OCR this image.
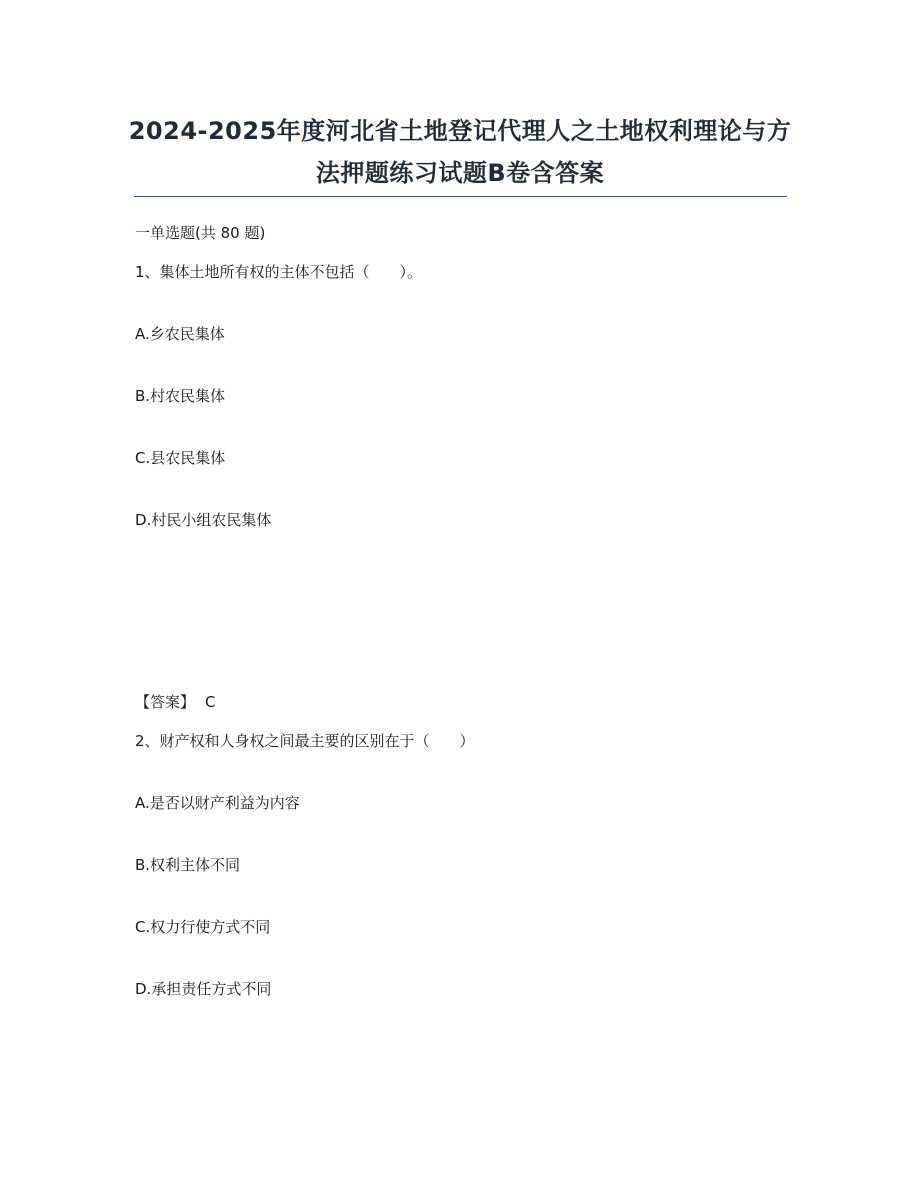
2024-2025年度河北省土地登记代理人之土地权利理论与方
法押题练习试题B卷含答案
一单选题(共 80 题)
1、集体土地所有权的主体不包括（　　）。
A.乡农民集体
B.村农民集体
C.县农民集体
D.村民小组农民集体
【答案】 C
2、财产权和人身权之间最主要的区别在于（　　）
A.是否以财产利益为内容
B.权利主体不同
C.权力行使方式不同
D.承担责任方式不同
